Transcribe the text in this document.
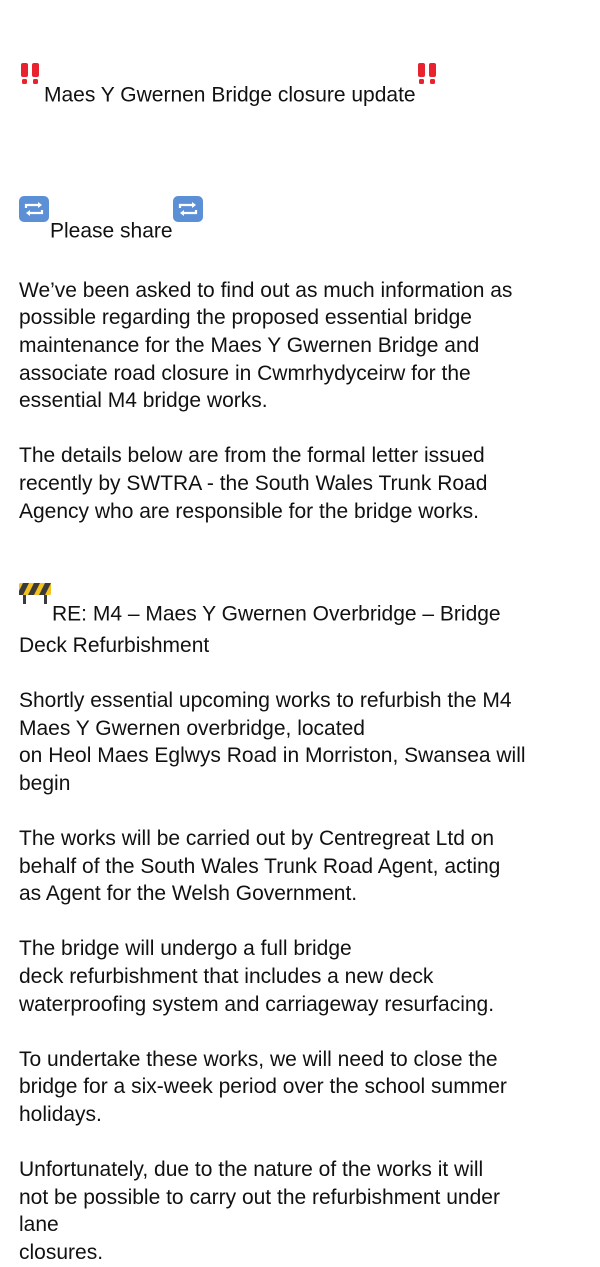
Maes Y Gwernen Bridge closure update

Please share

We’ve been asked to find out as much information as
possible regarding the proposed essential bridge
maintenance for the Maes Y Gwernen Bridge and
associate road closure in Cwmrhydyceirw for the
essential M4 bridge works.
The details below are from the formal letter issued
recently by SWTRA - the South Wales Trunk Road
Agency who are responsible for the bridge works.

RE: M4 – Maes Y Gwernen Overbridge – Bridge
Deck Refurbishment
Shortly essential upcoming works to refurbish the M4
Maes Y Gwernen overbridge, located
on Heol Maes Eglwys Road in Morriston, Swansea will
begin
The works will be carried out by Centregreat Ltd on
behalf of the South Wales Trunk Road Agent, acting
as Agent for the Welsh Government.
The bridge will undergo a full bridge
deck refurbishment that includes a new deck
waterproofing system and carriageway resurfacing.
To undertake these works, we will need to close the
bridge for a six-week period over the school summer
holidays.
Unfortunately, due to the nature of the works it will
not be possible to carry out the refurbishment under
lane
closures.
